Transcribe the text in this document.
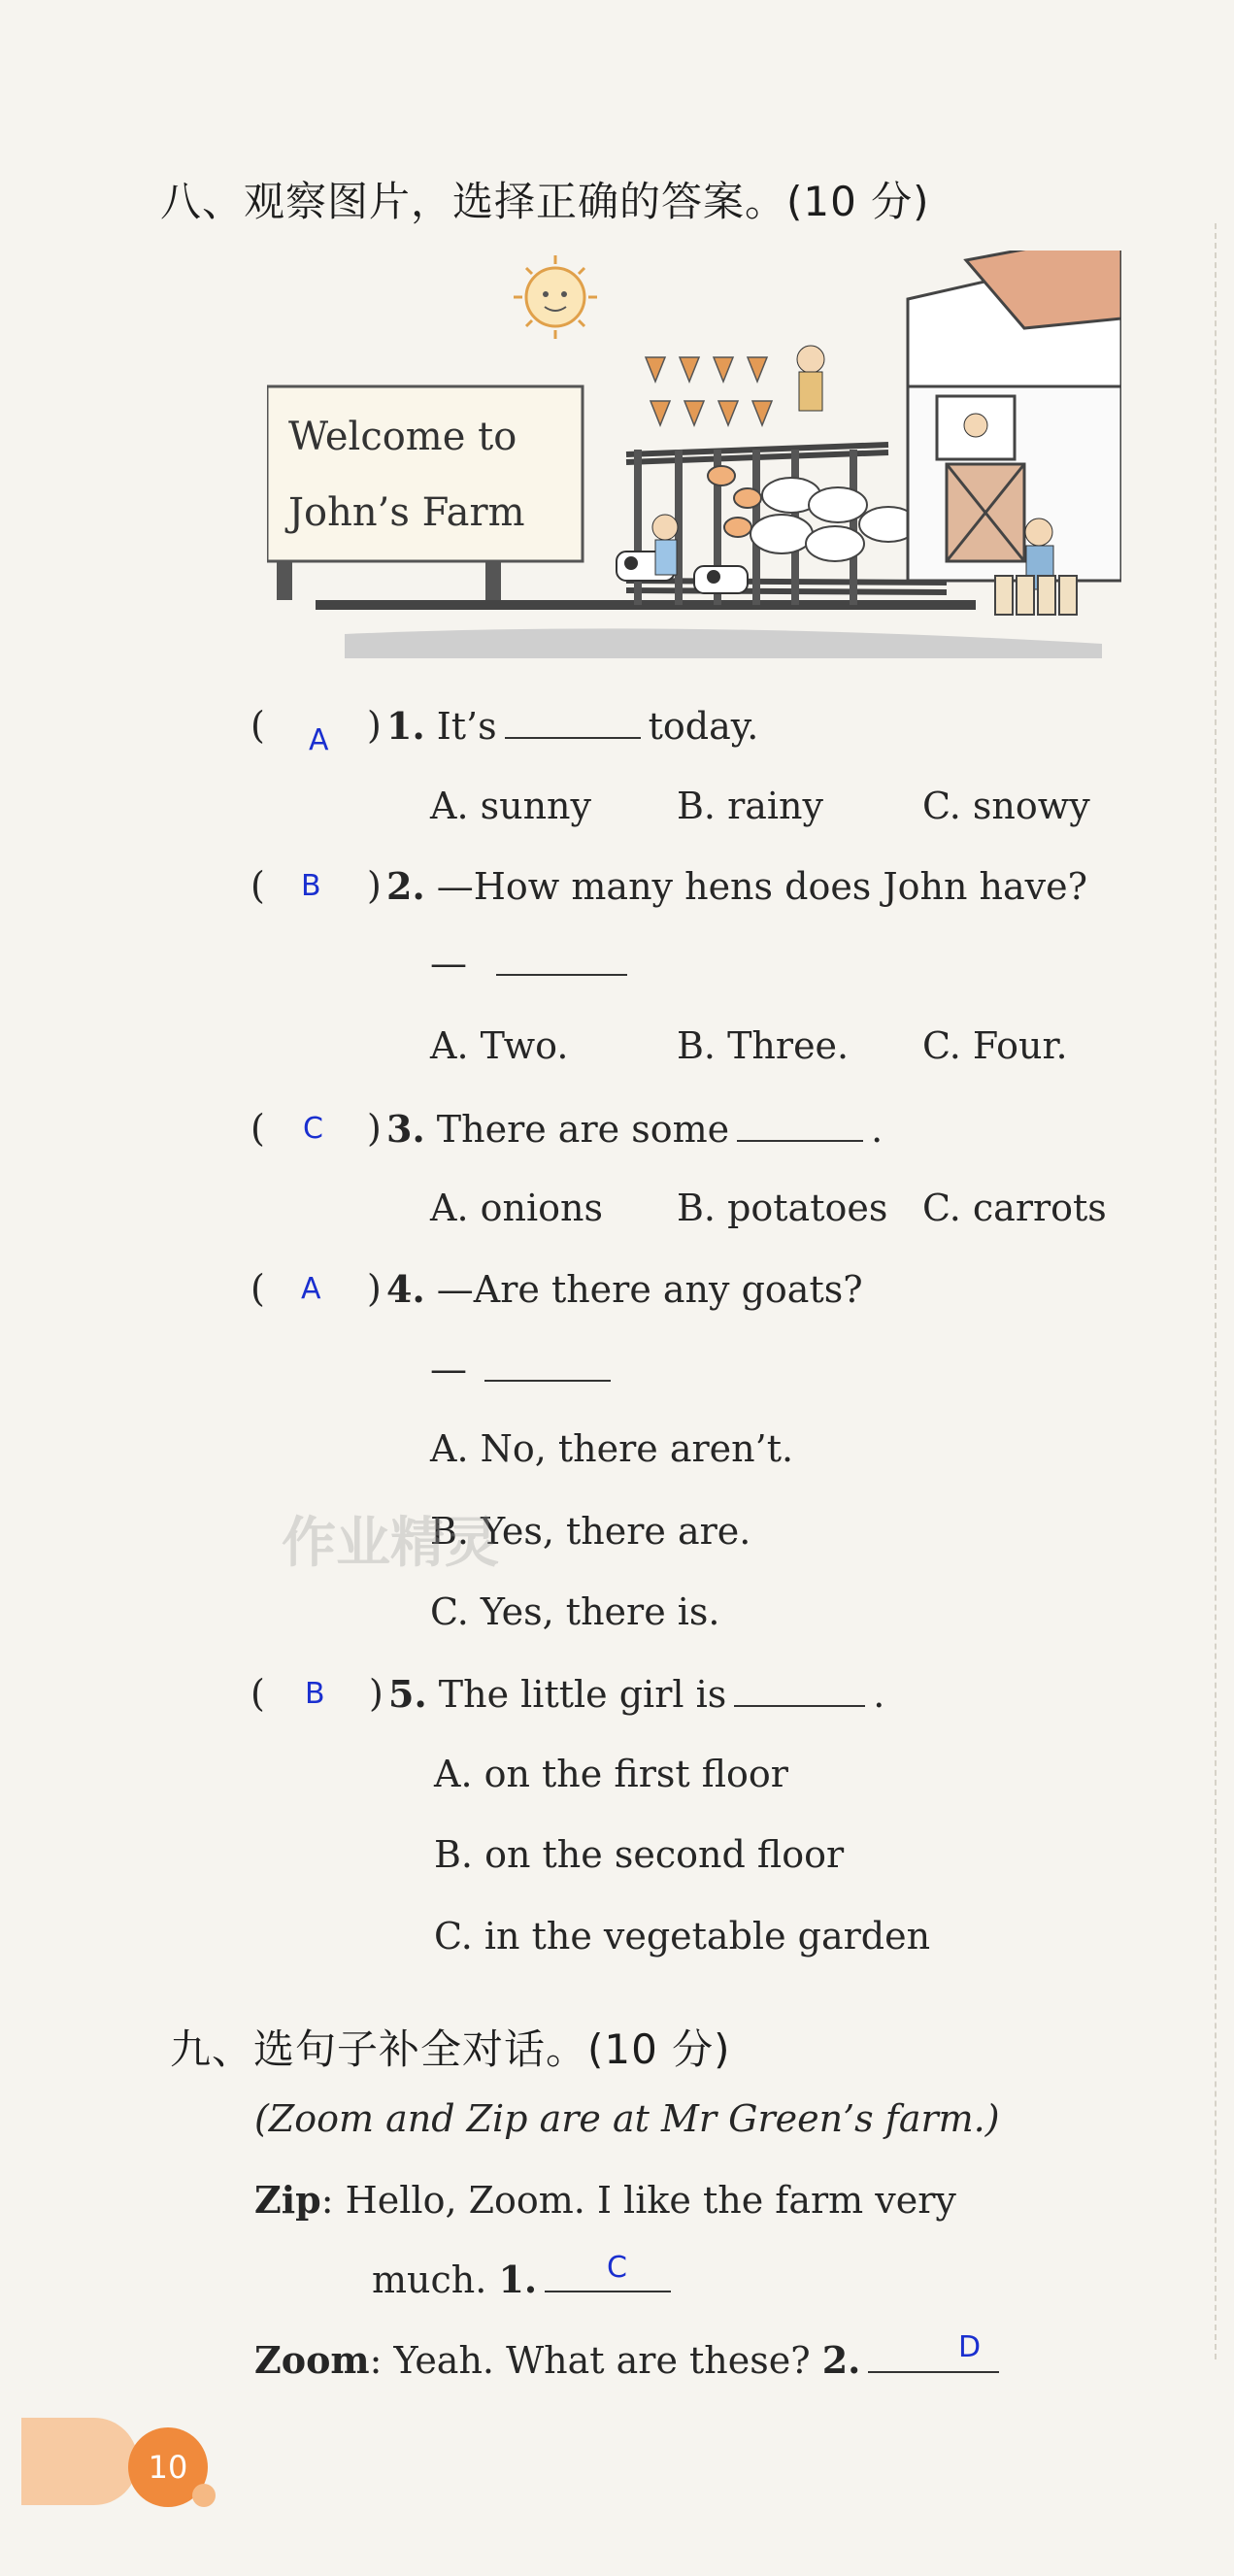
八、观察图片，选择正确的答案。(10 分)
Welcome to
John’s Farm
( A ) 1. It’s	today.
A. sunny B. rainy	C. snowy
( B ) 2. —How many hens does John have?
—
A. Two.	B. Three. C. Four.
( C ) 3. There are some	.
A. onions B. potatoes C. carrots
( A ) 4. —Are there any goats?
—
A. No, there aren’t.
B. Yes, there are.
C. Yes, there is.
( B ) 5. The little girl is	.
A. on the first floor
B. on the second floor
C. in the vegetable garden
作业精灵
九、选句子补全对话。(10 分)
(Zoom and Zip are at Mr Green’s farm.)
Zip: Hello, Zoom. I like the farm very
much. 1.	C
Zoom: Yeah. What are these? 2.	D
10
